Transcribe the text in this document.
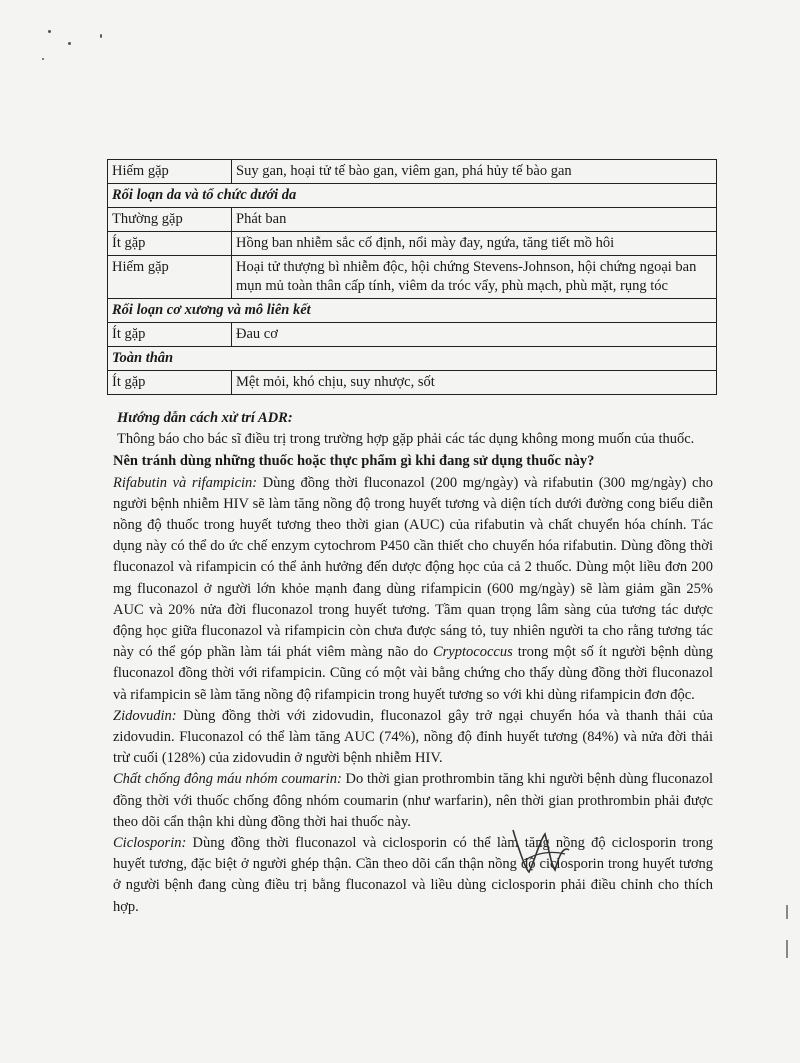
Hiếm gặp	Suy gan, hoại tử tế bào gan, viêm gan, phá hủy tế bào gan
Rối loạn da và tổ chức dưới da	
Thường gặp	Phát ban
Ít gặp	Hồng ban nhiễm sắc cố định, nổi mày đay, ngứa, tăng tiết mồ hôi
Hiếm gặp	Hoại tử thượng bì nhiễm độc, hội chứng Stevens-Johnson, hội chứng ngoại ban mụn mủ toàn thân cấp tính, viêm da tróc vẩy, phù mạch, phù mặt, rụng tóc
Rối loạn cơ xương và mô liên kết	
Ít gặp	Đau cơ
Toàn thân	
Ít gặp	Mệt mỏi, khó chịu, suy nhược, sốt

Hướng dẫn cách xử trí ADR:

Thông báo cho bác sĩ điều trị trong trường hợp gặp phải các tác dụng không mong muốn của thuốc.

Nên tránh dùng những thuốc hoặc thực phẩm gì khi đang sử dụng thuốc này?

Rifabutin và rifampicin: Dùng đồng thời fluconazol (200 mg/ngày) và rifabutin (300 mg/ngày) cho người bệnh nhiễm HIV sẽ làm tăng nồng độ trong huyết tương và diện tích dưới đường cong biểu diễn nồng độ thuốc trong huyết tương theo thời gian (AUC) của rifabutin và chất chuyển hóa chính. Tác dụng này có thể do ức chế enzym cytochrom P450 cần thiết cho chuyển hóa rifabutin. Dùng đồng thời fluconazol và rifampicin có thể ảnh hưởng đến dược động học của cả 2 thuốc. Dùng một liều đơn 200 mg fluconazol ở người lớn khỏe mạnh đang dùng rifampicin (600 mg/ngày) sẽ làm giảm gần 25% AUC và 20% nửa đời fluconazol trong huyết tương. Tầm quan trọng lâm sàng của tương tác dược động học giữa fluconazol và rifampicin còn chưa được sáng tỏ, tuy nhiên người ta cho rằng tương tác này có thể góp phần làm tái phát viêm màng não do Cryptococcus trong một số ít người bệnh dùng fluconazol đồng thời với rifampicin. Cũng có một vài bằng chứng cho thấy dùng đồng thời fluconazol và rifampicin sẽ làm tăng nồng độ rifampicin trong huyết tương so với khi dùng rifampicin đơn độc.

Zidovudin: Dùng đồng thời với zidovudin, fluconazol gây trở ngại chuyển hóa và thanh thải của zidovudin. Fluconazol có thể làm tăng AUC (74%), nồng độ đỉnh huyết tương (84%) và nửa đời thải trừ cuối (128%) của zidovudin ở người bệnh nhiễm HIV.

Chất chống đông máu nhóm coumarin: Do thời gian prothrombin tăng khi người bệnh dùng fluconazol đồng thời với thuốc chống đông nhóm coumarin (như warfarin), nên thời gian prothrombin phải được theo dõi cẩn thận khi dùng đồng thời hai thuốc này.

Ciclosporin: Dùng đồng thời fluconazol và ciclosporin có thể làm tăng nồng độ ciclosporin trong huyết tương, đặc biệt ở người ghép thận. Cần theo dõi cẩn thận nồng độ ciclosporin trong huyết tương ở người bệnh đang cùng điều trị bằng fluconazol và liều dùng ciclosporin phải điều chỉnh cho thích hợp.
